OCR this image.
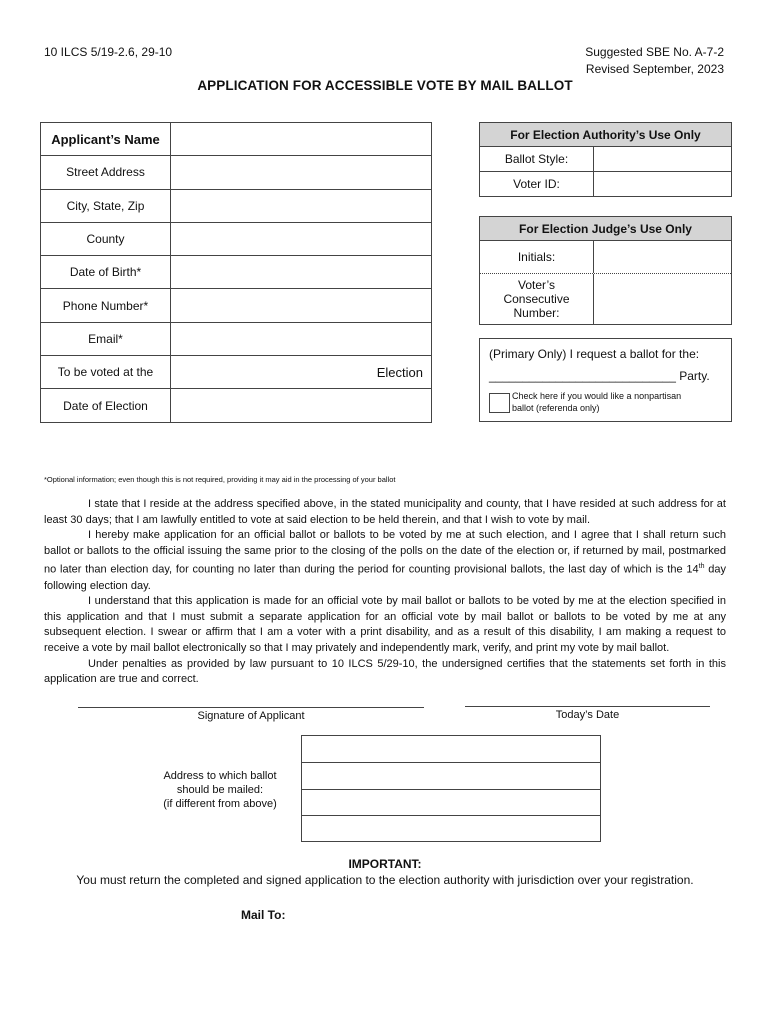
10 ILCS 5/19-2.6, 29-10	Suggested SBE No. A-7-2
Revised September, 2023
APPLICATION FOR ACCESSIBLE VOTE BY MAIL BALLOT
Applicant’s Name	
Street Address	
City, State, Zip	
County	
Date of Birth*	
Phone Number*	
Email*	
To be voted at the	Election

Date of Election	
For Election Authority’s Use Only
Ballot Style:
Voter ID:
For Election Judge’s Use Only
Initials:
Voter’s
Consecutive
Number:
(Primary Only) I request a ballot for the:
____________________________ Party.
Check here if you would like a nonpartisan
ballot (referenda only)
*Optional information; even though this is not required, providing it may aid in the processing of your ballot

I state that I reside at the address specified above, in the stated municipality and county, that I have resided at such address for at least 30 days; that I am lawfully entitled to vote at said election to be held therein, and that I wish to vote by mail.

I hereby make application for an official ballot or ballots to be voted by me at such election, and I agree that I shall return such ballot or ballots to the official issuing the same prior to the closing of the polls on the date of the election or, if returned by mail, postmarked no later than election day, for counting no later than during the period for counting provisional ballots, the last day of which is the 14th day following election day.

I understand that this application is made for an official vote by mail ballot or ballots to be voted by me at the election specified in this application and that I must submit a separate application for an official vote by mail ballot or ballots to be voted by me at any subsequent election. I swear or affirm that I am a voter with a print disability, and as a result of this disability, I am making a request to receive a vote by mail ballot electronically so that I may privately and independently mark, verify, and print my vote by mail ballot.

Under penalties as provided by law pursuant to 10 ILCS 5/29-10, the undersigned certifies that the statements set forth in this application are true and correct.

Signature of Applicant	Today’s Date
Address to which ballot
should be mailed:
(if different from above)
IMPORTANT:
You must return the completed and signed application to the election authority with jurisdiction over your registration.
Mail To:
